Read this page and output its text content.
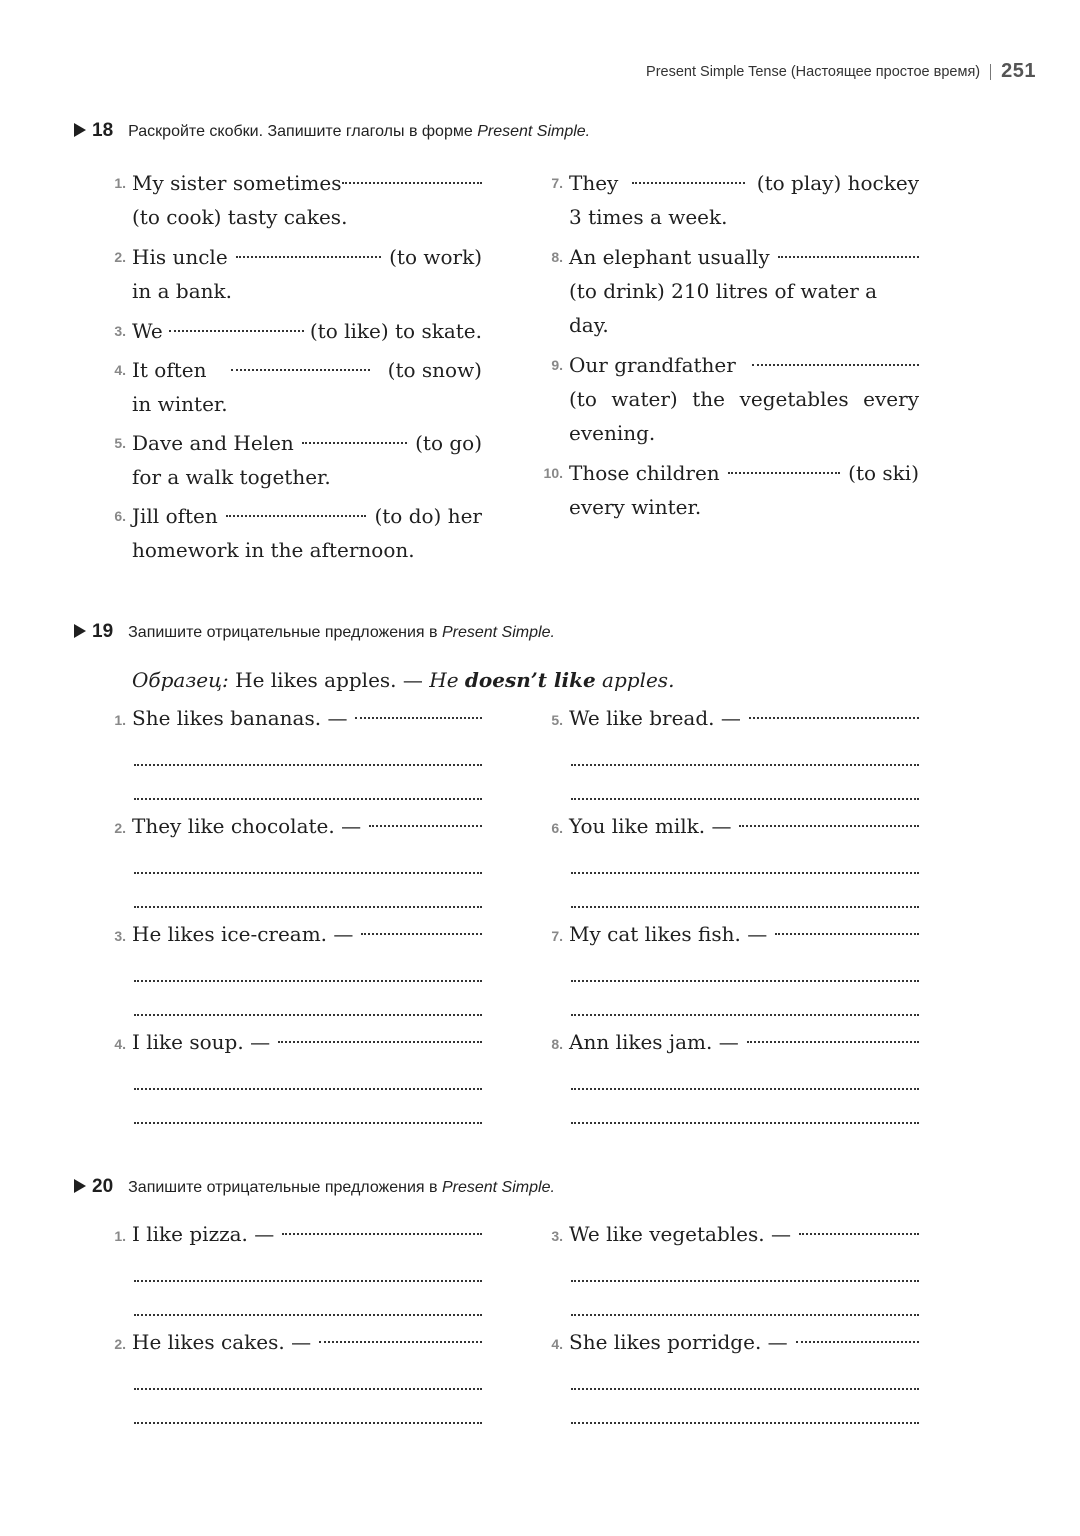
Present Simple Tense (Настоящее простое время) 251
18 Раскройте скобки. Запишите глаголы в форме Present Simple.
1. My sister sometimes
(to cook) tasty cakes.
2. His uncle	(to work)
in a bank.
3. We	(to like) to skate.
4. It often	(to snow)
in winter.
5. Dave and Helen	(to go)
for a walk together.
6. Jill often	(to do) her
homework in the afternoon.
7. They	(to play) hockey
3 times a week.
8. An elephant usually
(to drink) 210 litres of water a day.
9. Our grandfather
(to water) the vegetables every
evening.
10. Those children	(to ski)
every winter.
19 Запишите отрицательные предложения в Present Simple.
Образец: He likes apples. — He doesn’t like apples.
1. She likes bananas. —
2. They like chocolate. —
3. He likes ice-cream. —
4. I like soup. —
5. We like bread. —
6. You like milk. —
7. My cat likes fish. —
8. Ann likes jam. —
20 Запишите отрицательные предложения в Present Simple.
1. I like pizza. —
2. He likes cakes. —
3. We like vegetables. —
4. She likes porridge. —
